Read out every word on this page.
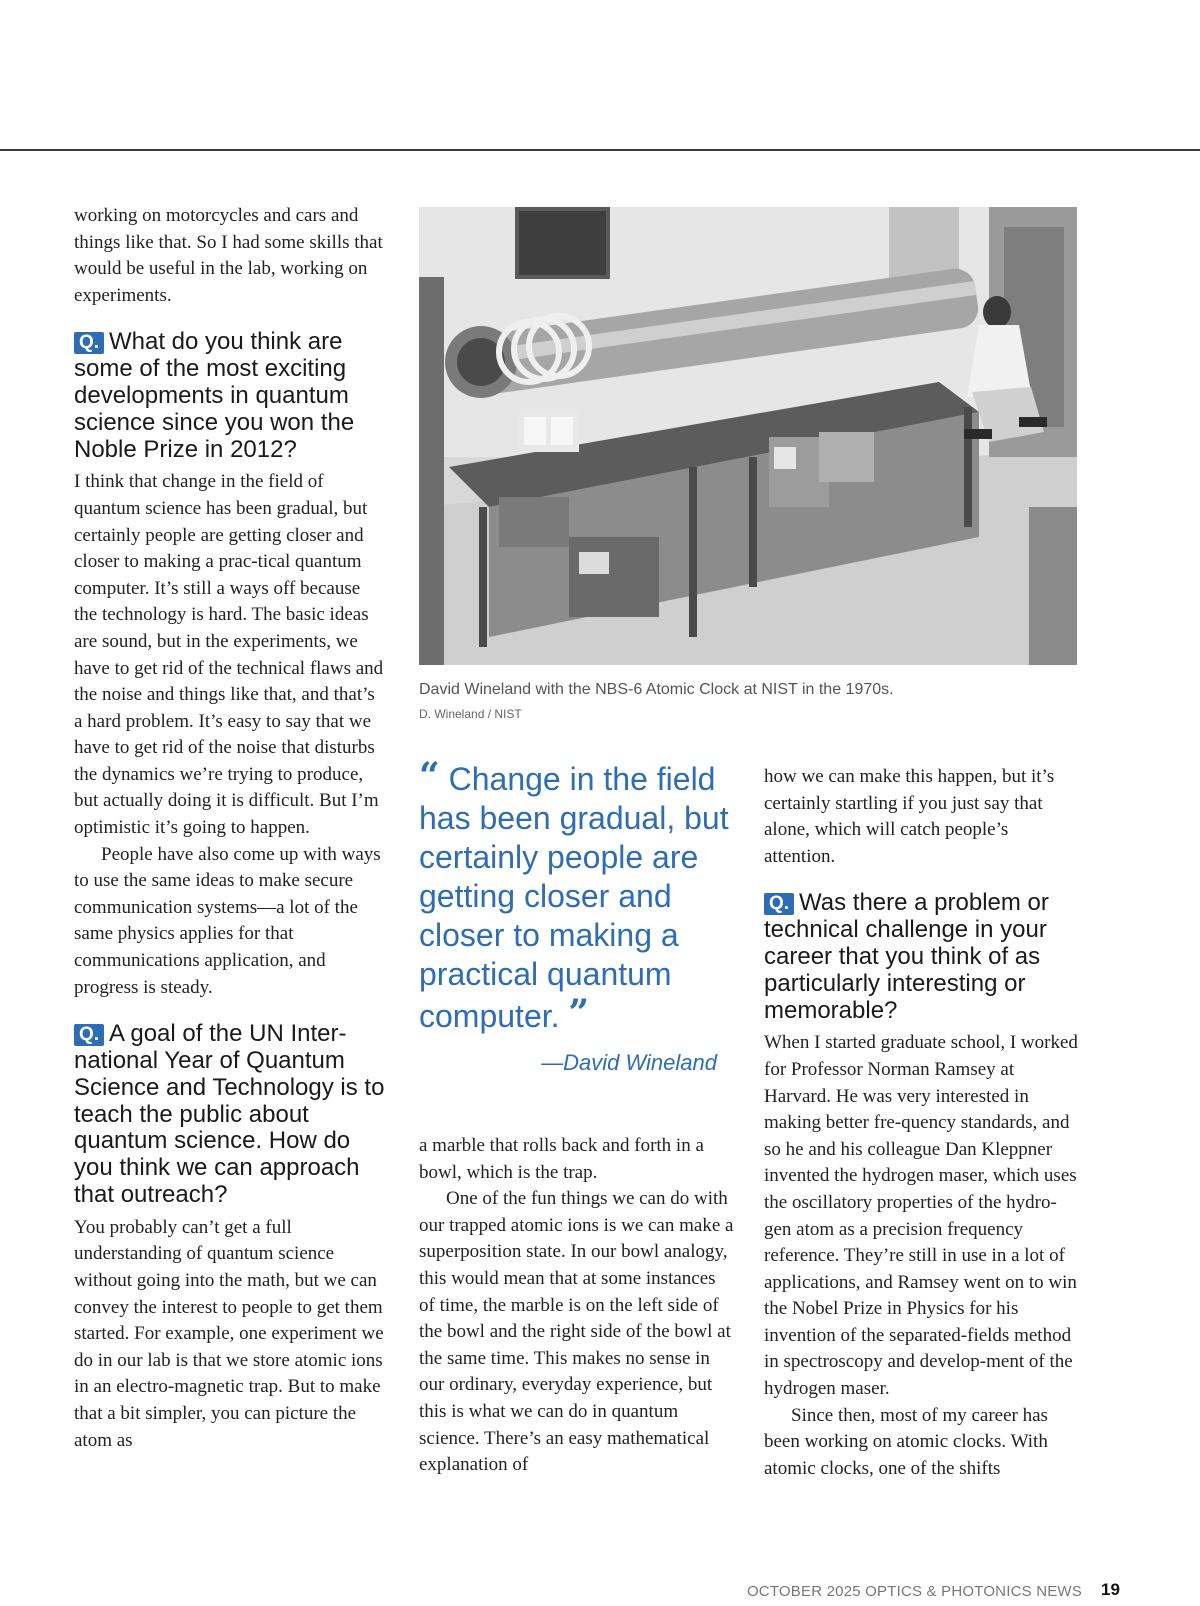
working on motorcycles and cars and things like that. So I had some skills that would be useful in the lab, working on experiments.

Q. What do you think are some of the most exciting developments in quantum science since you won the Noble Prize in 2012?

I think that change in the field of quantum science has been gradual, but certainly people are getting closer and closer to making a prac-tical quantum computer. It’s still a ways off because the technology is hard. The basic ideas are sound, but in the experiments, we have to get rid of the technical flaws and the noise and things like that, and that’s a hard problem. It’s easy to say that we have to get rid of the noise that disturbs the dynamics we’re trying to produce, but actually doing it is difficult. But I’m optimistic it’s going to happen.

People have also come up with ways to use the same ideas to make secure communication systems—a lot of the same physics applies for that communications application, and progress is steady.

Q. A goal of the UN Inter-national Year of Quantum Science and Technology is to teach the public about quantum science. How do you think we can approach that outreach?

You probably can’t get a full understanding of quantum science without going into the math, but we can convey the interest to people to get them started. For example, one experiment we do in our lab is that we store atomic ions in an electro-magnetic trap. But to make that a bit simpler, you can picture the atom as

David Wineland with the NBS-6 Atomic Clock at NIST in the 1970s.
D. Wineland / NIST
“ Change in the field has been gradual, but certainly people are getting closer and closer to making a practical quantum computer. ”
—David Wineland

a marble that rolls back and forth in a bowl, which is the trap.

One of the fun things we can do with our trapped atomic ions is we can make a superposition state. In our bowl analogy, this would mean that at some instances of time, the marble is on the left side of the bowl and the right side of the bowl at the same time. This makes no sense in our ordinary, everyday experience, but this is what we can do in quantum science. There’s an easy mathematical explanation of

how we can make this happen, but it’s certainly startling if you just say that alone, which will catch people’s attention.

Q. Was there a problem or technical challenge in your career that you think of as particularly interesting or memorable?

When I started graduate school, I worked for Professor Norman Ramsey at Harvard. He was very interested in making better fre-quency standards, and so he and his colleague Dan Kleppner invented the hydrogen maser, which uses the oscillatory properties of the hydro-gen atom as a precision frequency reference. They’re still in use in a lot of applications, and Ramsey went on to win the Nobel Prize in Physics for his invention of the separated-fields method in spectroscopy and develop-ment of the hydrogen maser.

Since then, most of my career has been working on atomic clocks. With atomic clocks, one of the shifts

OCTOBER 2025 OPTICS & PHOTONICS NEWS 19
